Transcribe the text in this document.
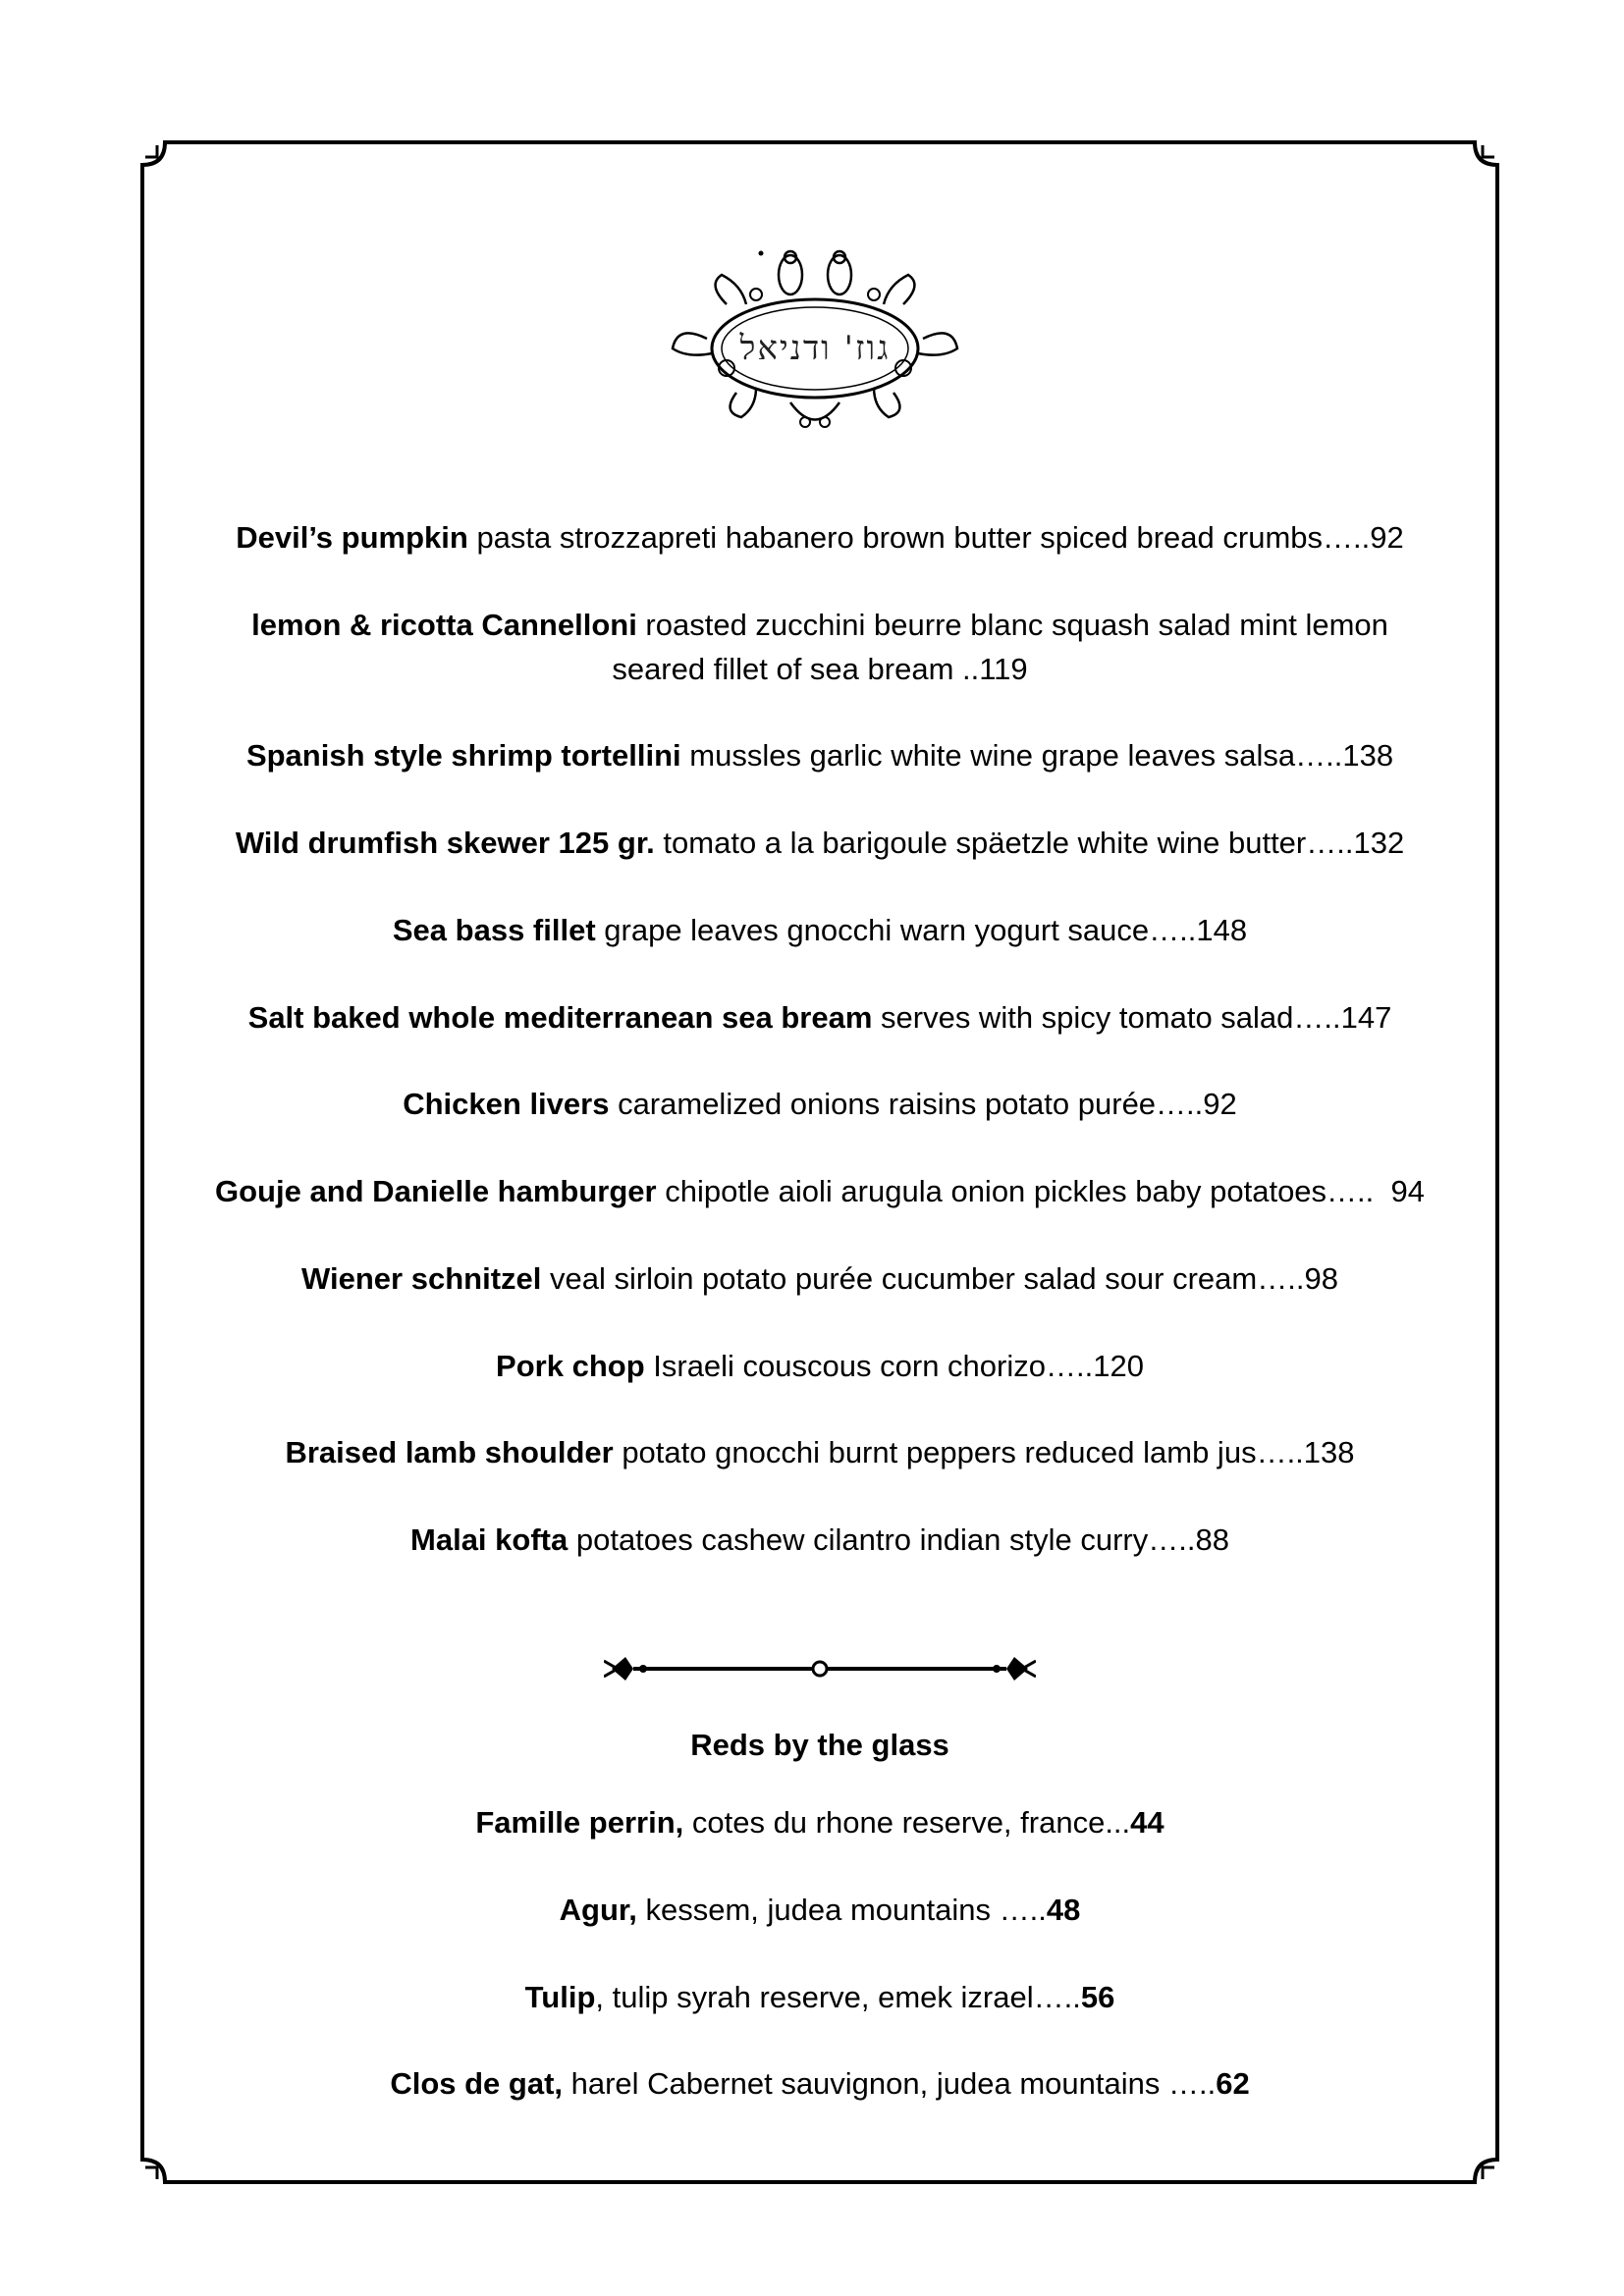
גוז' ודניאל
Devil’s pumpkin pasta strozzapreti habanero brown butter spiced bread crumbs…..92
lemon & ricotta Cannelloni roasted zucchini beurre blanc squash salad mint lemon
seared fillet of sea bream ..119
Spanish style shrimp tortellini mussles garlic white wine grape leaves salsa…..138
Wild drumfish skewer 125 gr. tomato a la barigoule späetzle white wine butter…..132
Sea bass fillet grape leaves gnocchi warn yogurt sauce…..148
Salt baked whole mediterranean sea bream serves with spicy tomato salad…..147
Chicken livers caramelized onions raisins potato purée…..92
Gouje and Danielle hamburger chipotle aioli arugula onion pickles baby potatoes…..  94
Wiener schnitzel veal sirloin potato purée cucumber salad sour cream…..98
Pork chop Israeli couscous corn chorizo…..120
Braised lamb shoulder potato gnocchi burnt peppers reduced lamb jus…..138
Malai kofta potatoes cashew cilantro indian style curry…..88
Reds by the glass
Famille perrin, cotes du rhone reserve, france...44
Agur, kessem, judea mountains …..48
Tulip, tulip syrah reserve, emek izrael…..56
Clos de gat, harel Cabernet sauvignon, judea mountains …..62
